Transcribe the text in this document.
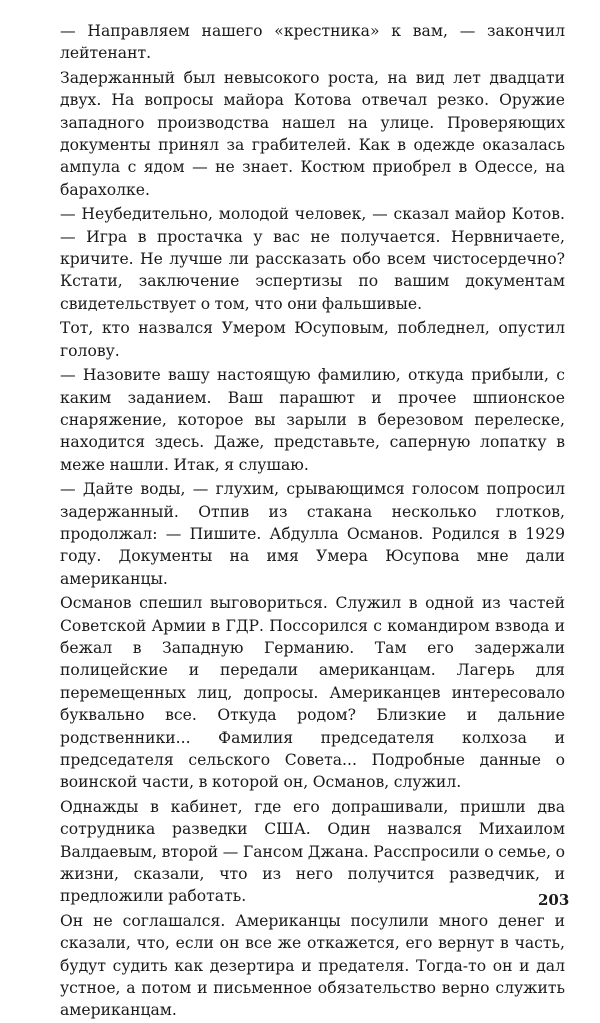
— Направляем нашего «крестника» к вам, — закончил лейтенант.

Задержанный был невысокого роста, на вид лет двадцати двух. На вопросы майора Котова отвечал резко. Оружие западного производства нашел на улице. Проверяющих документы принял за грабителей. Как в одежде оказалась ампула с ядом — не знает. Костюм приобрел в Одессе, на барахолке.

— Неубедительно, молодой человек, — сказал майор Котов. — Игра в простачка у вас не получается. Нервничаете, кричите. Не лучше ли рассказать обо всем чистосердечно? Кстати, заключение эспертизы по вашим документам свидетельствует о том, что они фальшивые.

Тот, кто назвался Умером Юсуповым, побледнел, опустил голову.

— Назовите вашу настоящую фамилию, откуда прибыли, с каким заданием. Ваш парашют и прочее шпионское снаряжение, которое вы зарыли в березовом перелеске, находится здесь. Даже, представьте, саперную лопатку в меже нашли. Итак, я слушаю.

— Дайте воды, — глухим, срывающимся голосом попросил задержанный. Отпив из стакана несколько глотков, продолжал: — Пишите. Абдулла Османов. Родился в 1929 году. Документы на имя Умера Юсупова мне дали американцы.

Османов спешил выговориться. Служил в одной из частей Советской Армии в ГДР. Поссорился с командиром взвода и бежал в Западную Германию. Там его задержали полицейские и передали американцам. Лагерь для перемещенных лиц, допросы. Американцев интересовало буквально все. Откуда родом? Близкие и дальние родственники... Фамилия председателя колхоза и председателя сельского Совета... Подробные данные о воинской части, в которой он, Османов, служил.

Однажды в кабинет, где его допрашивали, пришли два сотрудника разведки США. Один назвался Михаилом Валдаевым, второй — Гансом Джана. Расспросили о семье, о жизни, сказали, что из него получится разведчик, и предложили работать.

Он не соглашался. Американцы посулили много денег и сказали, что, если он все же откажется, его вернут в часть, будут судить как дезертира и предателя. Тогда-то он и дал устное, а потом и письменное обязательство верно служить американцам.

203
